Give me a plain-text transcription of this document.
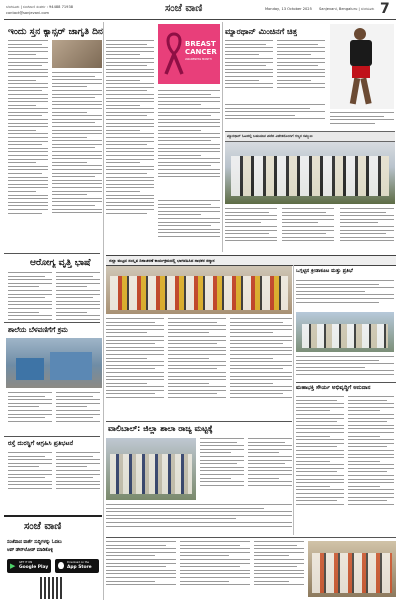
ಬೆಂಗಳೂರು | ಸಂಜೆವಾಣಿ ಸಂಪರ್ಕ : 94488 71938
contact@sanjevani.com	ಸಂಜೆ ವಾಣಿ	Monday, 13 October 2025 Sanjevani, Bengaluru | ಬೆಂಗಳೂರು 7
ಇಂದು ಸ್ತನ ಕ್ಯಾನ್ಸರ್ ಜಾಗೃತಿ ದಿನ
BREAST
CANCER
AWARENESS MONTH
ಮ್ಯಾರಥಾನ್ ಮಿಂಚಿನಗೆ ಚಿತ್ತ
ಮ್ಯಾರಥಾನ್ ಓಟದಲ್ಲಿ ಬಹುಮಾನ ಪಡೆದ ವಿಜೇತರೊಂದಿಗೆ ಗಣ್ಯರ ಸಮ್ಮುಖ
ಆರೋಗ್ಯ ವೃತ್ತಿ ಭಾಷೆ
ಶಾಲೆಯ ಬೆಳವಣಿಗೆಗೆ ಕ್ರಮ
ರಸ್ತೆ ದುರಸ್ಥಿಗೆ ಆಗ್ರಹಿಸಿ ಪ್ರತಿಭಟನೆ
ಸಂಜೆ ವಾಣಿ
ಸಂಜೆವಾಣಿ ವಾರ್ತೆ ಸುದ್ದಿಗಳನ್ನು ಓದಲು
ಆಪ್ ಡೌನ್‌ಲೋಡ್ ಮಾಡಿಕೊಳ್ಳಿ
▶ GET IT ON
Google Play
Download on the
App Store
ಜಿಲ್ಲಾ ಮಟ್ಟದ ಸಂಸ್ಕೃತ ದಿನಾಚರಣೆ ಕಾರ್ಯಕ್ರಮದಲ್ಲಿ ಭಾಗವಹಿಸಿದ ಸಾಧಕರ ಸನ್ಮಾನ
ಒಗ್ಗಟ್ಟಿನ ಕ್ರೀಡಾಕೂಟ ಮತ್ತು ಪ್ರತಿಭೆ
ಮಹಾಭಕ್ತಿ ಸೌರ್ಯ ಅಭಿವೃದ್ಧಿಗೆ ಅನುದಾನ
ವಾಲಿಬಾಲ್: ಜಿಲ್ಲಾ ಶಾಲಾ ರಾಜ್ಯ ಮಟ್ಟಕ್ಕೆ
